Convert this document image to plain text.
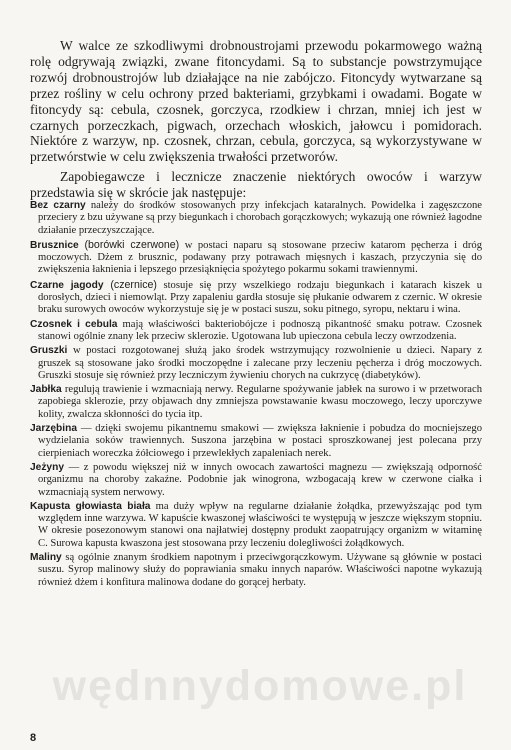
W walce ze szkodliwymi drobnoustrojami przewodu pokarmowego ważną rolę odgrywają związki, zwane fitoncydami. Są to substancje powstrzymujące rozwój drobnoustrojów lub działające na nie zabójczo. Fitoncydy wytwarzane są przez rośliny w celu ochrony przed bakteriami, grzybkami i owadami. Bogate w fitoncydy są: cebula, czosnek, gorczyca, rzodkiew i chrzan, mniej ich jest w czarnych porzeczkach, pigwach, orzechach włoskich, jałowcu i pomidorach. Niektóre z warzyw, np. czosnek, chrzan, cebula, gorczyca, są wykorzystywane w przetwórstwie w celu zwiększenia trwałości przetworów.

Zapobiegawcze i lecznicze znaczenie niektórych owoców i warzyw przedstawia się w skrócie jak następuje:

Bez czarny należy do środków stosowanych przy infekcjach kataralnych. Powidelka i zagęszczone przeciery z bzu używane są przy biegunkach i chorobach gorączkowych; wykazują one również łagodne działanie przeczyszczające.

Brusznice (borówki czerwone) w postaci naparu są stosowane przeciw katarom pęcherza i dróg moczowych. Dżem z brusznic, podawany przy potrawach mięsnych i kaszach, przyczynia się do zwiększenia łaknienia i lepszego przesiąknięcia spożytego pokarmu sokami trawiennymi.

Czarne jagody (czernice) stosuje się przy wszelkiego rodzaju biegunkach i katarach kiszek u dorosłych, dzieci i niemowląt. Przy zapaleniu gardła stosuje się płukanie odwarem z czernic. W okresie braku surowych owoców wykorzystuje się je w postaci suszu, soku pitnego, syropu, nektaru i wina.

Czosnek i cebula mają właściwości bakteriobójcze i podnoszą pikantność smaku potraw. Czosnek stanowi ogólnie znany lek przeciw sklerozie. Ugotowana lub upieczona cebula leczy owrzodzenia.

Gruszki w postaci rozgotowanej służą jako środek wstrzymujący rozwolnienie u dzieci. Napary z gruszek są stosowane jako środki moczopędne i zalecane przy leczeniu pęcherza i dróg moczowych. Gruszki stosuje się również przy leczniczym żywieniu chorych na cukrzycę (diabetyków).

Jabłka regulują trawienie i wzmacniają nerwy. Regularne spożywanie jabłek na surowo i w przetworach zapobiega sklerozie, przy objawach dny zmniejsza powstawanie kwasu moczowego, leczy uporczywe kolity, zwalcza skłonności do tycia itp.

Jarzębina — dzięki swojemu pikantnemu smakowi — zwiększa łaknienie i pobudza do mocniejszego wydzielania soków trawiennych. Suszona jarzębina w postaci sproszkowanej jest polecana przy cierpieniach woreczka żółciowego i przewlekłych zapaleniach nerek.

Jeżyny — z powodu większej niż w innych owocach zawartości magnezu — zwiększają odporność organizmu na choroby zakaźne. Podobnie jak winogrona, wzbogacają krew w czerwone ciałka i wzmacniają system nerwowy.

Kapusta głowiasta biała ma duży wpływ na regularne działanie żołądka, przewyższając pod tym względem inne warzywa. W kapuście kwaszonej właściwości te występują w jeszcze większym stopniu. W okresie posezonowym stanowi ona najłatwiej dostępny produkt zaopatrujący organizm w witaminę C. Surowa kapusta kwaszona jest stosowana przy leczeniu dolegliwości żołądkowych.

Maliny są ogólnie znanym środkiem napotnym i przeciwgorączkowym. Używane są głównie w postaci suszu. Syrop malinowy służy do poprawiania smaku innych naparów. Właściwości napotne wykazują również dżem i konfitura malinowa dodane do gorącej herbaty.

wędnnydomowe.pl
8
